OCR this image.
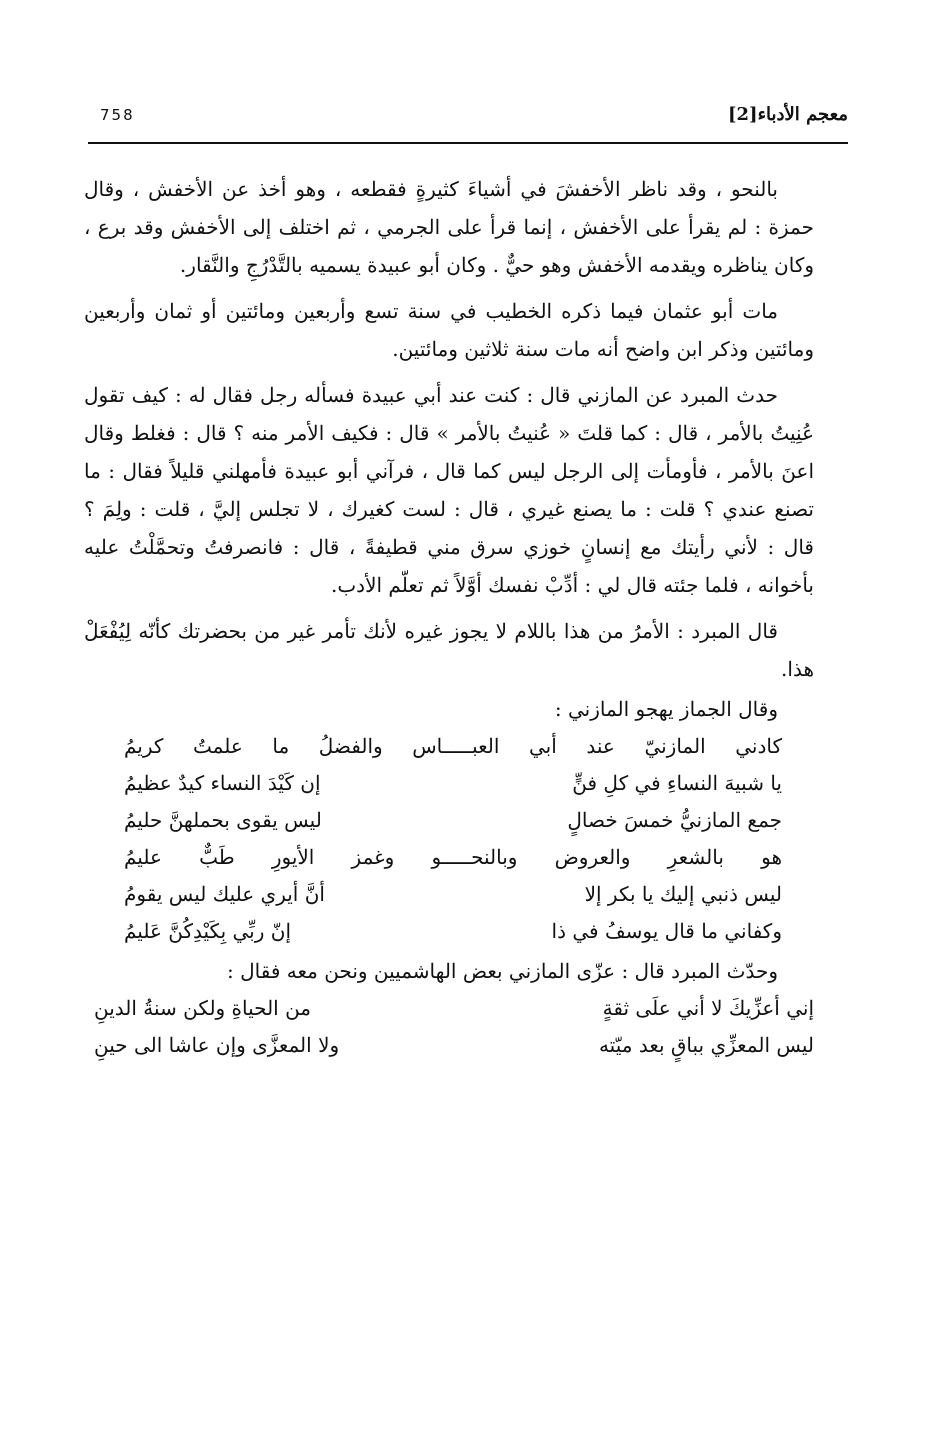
758	معجم الأدباء[2]

بالنحو ، وقد ناظر الأخفشَ في أشياءَ كثيرةٍ فقطعه ، وهو أخذ عن الأخفش ، وقال حمزة : لم يقرأ على الأخفش ، إنما قرأ على الجرمي ، ثم اختلف إلى الأخفش وقد برع ، وكان يناظره ويقدمه الأخفش وهو حيٌّ . وكان أبو عبيدة يسميه بالتَّدْرُجِ والنَّقار.

مات أبو عثمان فيما ذكره الخطيب في سنة تسع وأربعين ومائتين أو ثمان وأربعين ومائتين وذكر ابن واضح أنه مات سنة ثلاثين ومائتين.

حدث المبرد عن المازني قال : كنت عند أبي عبيدة فسأله رجل فقال له : كيف تقول عُنِيتُ بالأمر ، قال : كما قلتَ « عُنيتُ بالأمر » قال : فكيف الأمر منه ؟ قال : فغلط وقال اعنَ بالأمر ، فأومأت إلى الرجل ليس كما قال ، فرآني أبو عبيدة فأمهلني قليلاً فقال : ما تصنع عندي ؟ قلت : ما يصنع غيري ، قال : لست كغيرك ، لا تجلس إليَّ ، قلت : ولِمَ ؟ قال : لأني رأيتك مع إنسانٍ خوزي سرق مني قطيفةً ، قال : فانصرفتُ وتحمَّلْتُ عليه بأخوانه ، فلما جئته قال لي : أدِّبْ نفسك أوَّلاً ثم تعلّم الأدب.

قال المبرد : الأمرُ من هذا باللام لا يجوز غيره لأنك تأمر غير من بحضرتك كأنّه لِيُفْعَلْ هذا.

وقال الجماز يهجو المازني :

كادني المازنيّ عند أبي العبـــــاس والفضلُ ما علمتُ كريمُ
يا شبيهَ النساءِ في كلِ فنٍّ
إن كَيْدَ النساء كيدٌ عظيمُ
جمع المازنيُّ خمسَ خصالٍ
ليس يقوى بحملهنَّ حليمُ
هو بالشعرِ والعروض وبالنحـــــو وغمز الأيورِ طَبٌّ عليمُ
ليس ذنبي إليك يا بكر إلا
أنَّ أيري عليك ليس يقومُ
وكفاني ما قال يوسفُ في ذا
إنّ ربِّي بِكَيْدِكُنَّ عَليمُ

وحدّث المبرد قال : عزّى المازني بعض الهاشميين ونحن معه فقال :

إني أعزِّيكَ لا أني علَى ثقةٍ
من الحياةِ ولكن سنةُ الدينِ
ليس المعزِّي بباقٍ بعد ميّته
ولا المعزَّى وإن عاشا الى حينِ
